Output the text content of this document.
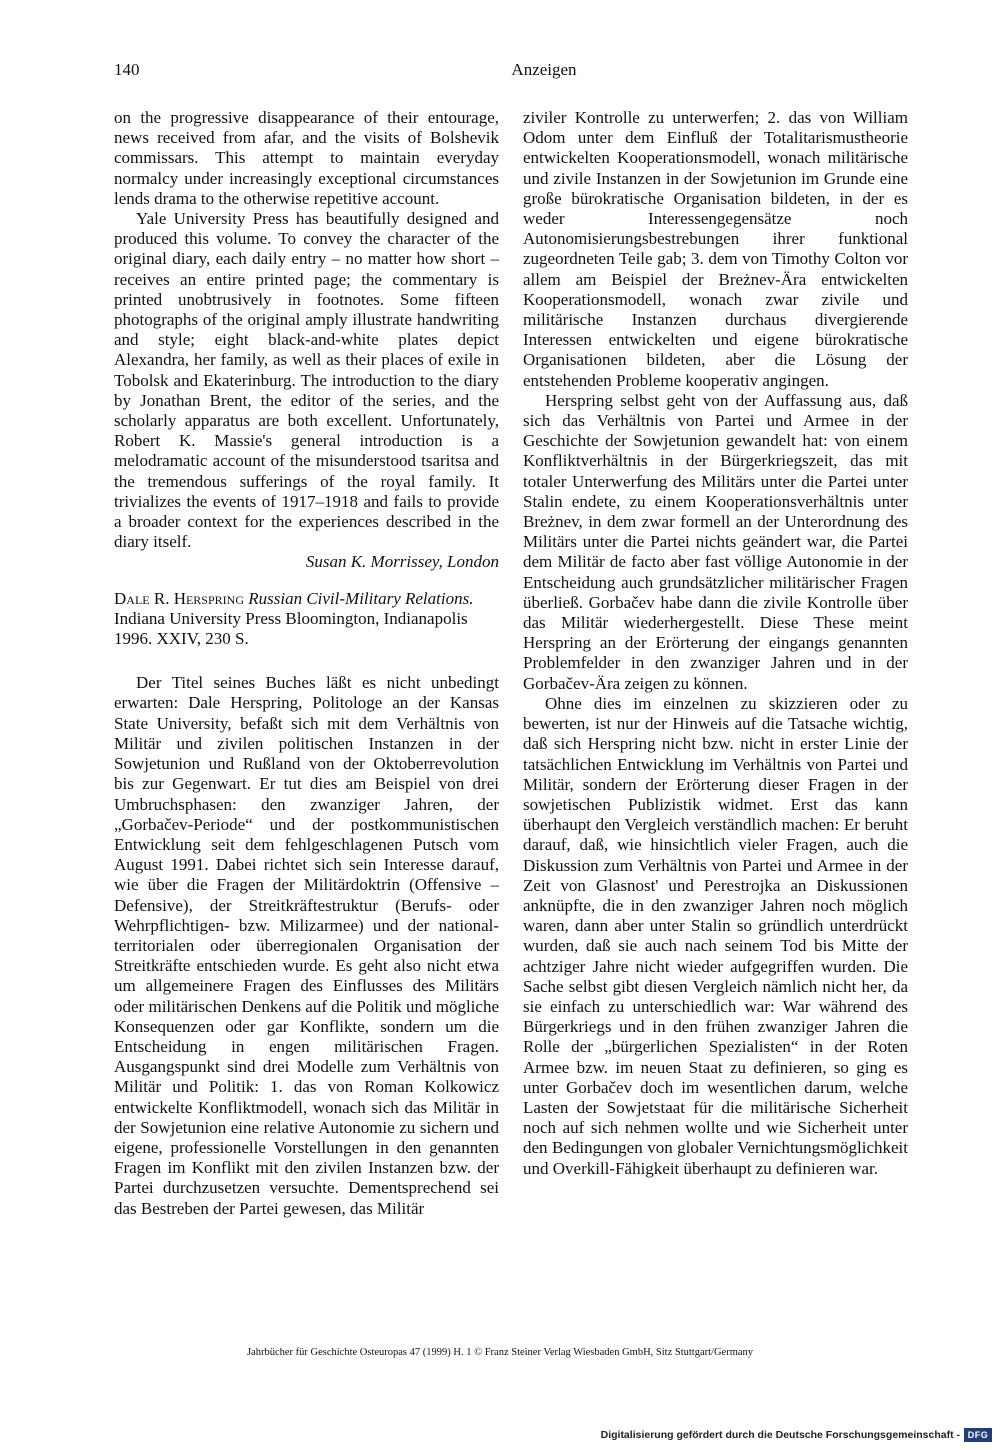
140	Anzeigen

on the progressive disappearance of their entourage, news received from afar, and the visits of Bolshevik commissars. This attempt to maintain everyday normalcy under increasingly exceptional circumstances lends drama to the otherwise repetitive account.

Yale University Press has beautifully designed and produced this volume. To convey the character of the original diary, each daily entry – no matter how short – receives an entire printed page; the commentary is printed unobtrusively in footnotes. Some fifteen photographs of the original amply illustrate handwriting and style; eight black-and-white plates depict Alexandra, her family, as well as their places of exile in Tobolsk and Ekaterinburg. The introduction to the diary by Jonathan Brent, the editor of the series, and the scholarly apparatus are both excellent. Unfortunately, Robert K. Massie's general introduction is a melodramatic account of the misunderstood tsaritsa and the tremendous sufferings of the royal family. It trivializes the events of 1917–1918 and fails to provide a broader context for the experiences described in the diary itself.

Susan K. Morrissey, London

Dale R. Herspring Russian Civil-Military Relations. Indiana University Press Bloomington, Indianapolis 1996. XXIV, 230 S.

Der Titel seines Buches läßt es nicht unbedingt erwarten: Dale Herspring, Politologe an der Kansas State University, befaßt sich mit dem Verhältnis von Militär und zivilen politischen Instanzen in der Sowjetunion und Rußland von der Oktoberrevolution bis zur Gegenwart. Er tut dies am Beispiel von drei Umbruchsphasen: den zwanziger Jahren, der „Gorbačev-Periode“ und der postkommunistischen Entwicklung seit dem fehlgeschlagenen Putsch vom August 1991. Dabei richtet sich sein Interesse darauf, wie über die Fragen der Militärdoktrin (Offensive – Defensive), der Streitkräftestruktur (Berufs- oder Wehrpflichtigen- bzw. Milizarmee) und der national-territorialen oder überregionalen Organisation der Streitkräfte entschieden wurde. Es geht also nicht etwa um allgemeinere Fragen des Einflusses des Militärs oder militärischen Denkens auf die Politik und mögliche Konsequenzen oder gar Konflikte, sondern um die Entscheidung in engen militärischen Fragen. Ausgangspunkt sind drei Modelle zum Verhältnis von Militär und Politik: 1. das von Roman Kolkowicz entwickelte Konfliktmodell, wonach sich das Militär in der Sowjetunion eine relative Autonomie zu sichern und eigene, professionelle Vorstellungen in den genannten Fragen im Konflikt mit den zivilen Instanzen bzw. der Partei durchzusetzen versuchte. Dementsprechend sei das Bestreben der Partei gewesen, das Militär

ziviler Kontrolle zu unterwerfen; 2. das von William Odom unter dem Einfluß der Totalitarismustheorie entwickelten Kooperationsmodell, wonach militärische und zivile Instanzen in der Sowjetunion im Grunde eine große bürokratische Organisation bildeten, in der es weder Interessengegensätze noch Autonomisierungsbestrebungen ihrer funktional zugeordneten Teile gab; 3. dem von Timothy Colton vor allem am Beispiel der Breżnev-Ära entwickelten Kooperationsmodell, wonach zwar zivile und militärische Instanzen durchaus divergierende Interessen entwickelten und eigene bürokratische Organisationen bildeten, aber die Lösung der entstehenden Probleme kooperativ angingen.

Herspring selbst geht von der Auffassung aus, daß sich das Verhältnis von Partei und Armee in der Geschichte der Sowjetunion gewandelt hat: von einem Konfliktverhältnis in der Bürgerkriegszeit, das mit totaler Unterwerfung des Militärs unter die Partei unter Stalin endete, zu einem Kooperationsverhältnis unter Breżnev, in dem zwar formell an der Unterordnung des Militärs unter die Partei nichts geändert war, die Partei dem Militär de facto aber fast völlige Autonomie in der Entscheidung auch grundsätzlicher militärischer Fragen überließ. Gorbačev habe dann die zivile Kontrolle über das Militär wiederhergestellt. Diese These meint Herspring an der Erörterung der eingangs genannten Problemfelder in den zwanziger Jahren und in der Gorbačev-Ära zeigen zu können.

Ohne dies im einzelnen zu skizzieren oder zu bewerten, ist nur der Hinweis auf die Tatsache wichtig, daß sich Herspring nicht bzw. nicht in erster Linie der tatsächlichen Entwicklung im Verhältnis von Partei und Militär, sondern der Erörterung dieser Fragen in der sowjetischen Publizistik widmet. Erst das kann überhaupt den Vergleich verständlich machen: Er beruht darauf, daß, wie hinsichtlich vieler Fragen, auch die Diskussion zum Verhältnis von Partei und Armee in der Zeit von Glasnost' und Perestrojka an Diskussionen anknüpfte, die in den zwanziger Jahren noch möglich waren, dann aber unter Stalin so gründlich unterdrückt wurden, daß sie auch nach seinem Tod bis Mitte der achtziger Jahre nicht wieder aufgegriffen wurden. Die Sache selbst gibt diesen Vergleich nämlich nicht her, da sie einfach zu unterschiedlich war: War während des Bürgerkriegs und in den frühen zwanziger Jahren die Rolle der „bürgerlichen Spezialisten“ in der Roten Armee bzw. im neuen Staat zu definieren, so ging es unter Gorbačev doch im wesentlichen darum, welche Lasten der Sowjetstaat für die militärische Sicherheit noch auf sich nehmen wollte und wie Sicherheit unter den Bedingungen von globaler Vernichtungsmöglichkeit und Overkill-Fähigkeit überhaupt zu definieren war.

Jahrbücher für Geschichte Osteuropas 47 (1999) H. 1 © Franz Steiner Verlag Wiesbaden GmbH, Sitz Stuttgart/Germany
Digitalisierung gefördert durch die Deutsche Forschungsgemeinschaft - DFG
